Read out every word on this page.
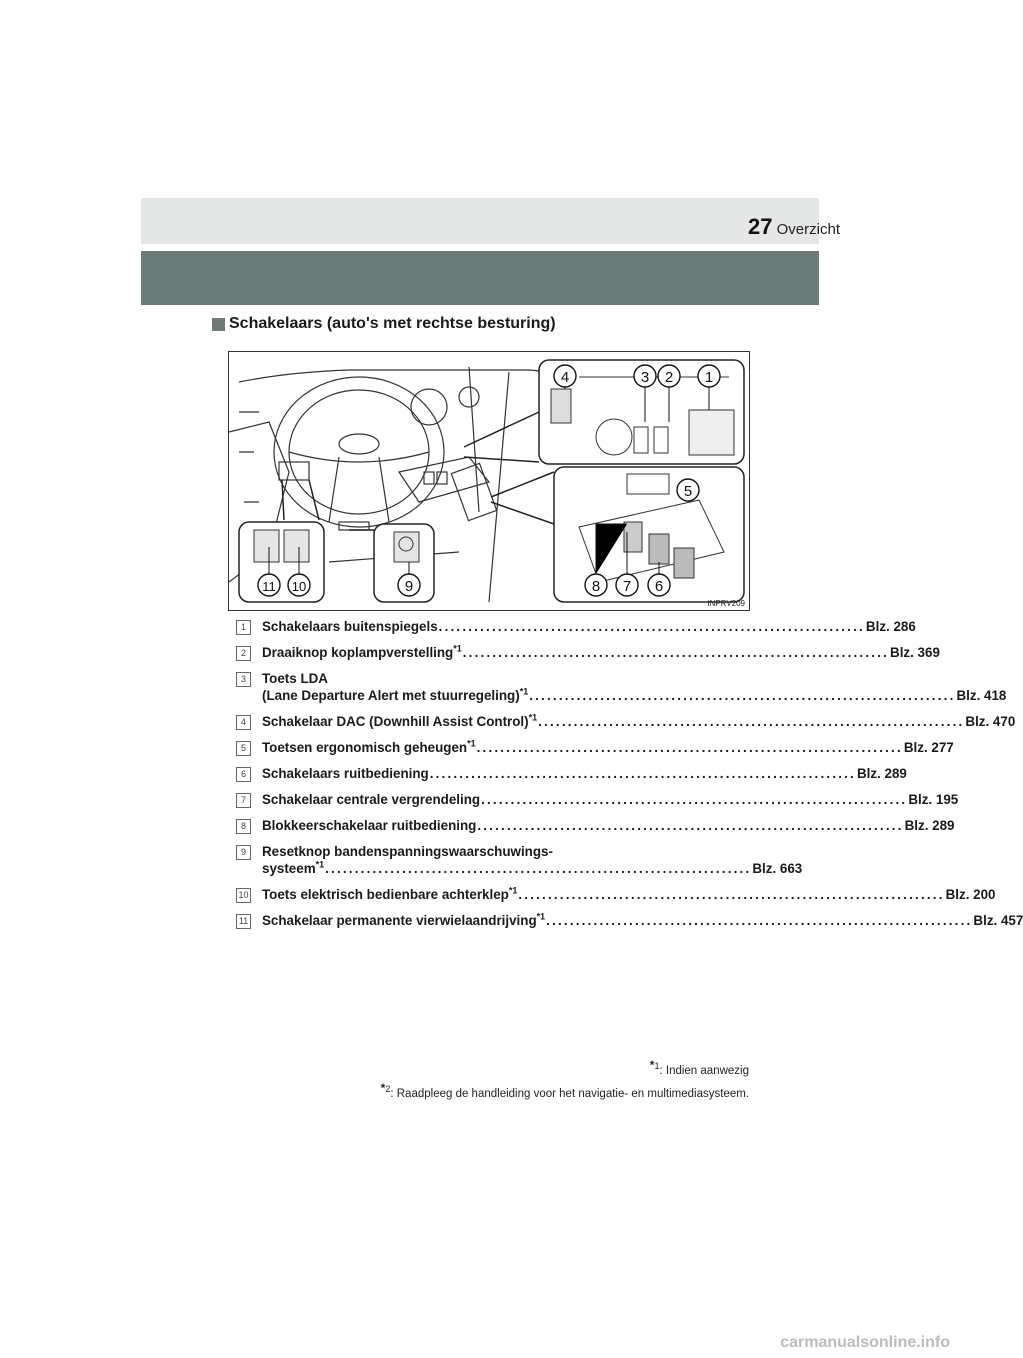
Overzicht
27
Schakelaars (auto's met rechtse besturing)
4	3 2 1
5
8 7 6
9
11 10
INPRV209
1	Schakelaars buitenspiegels ........................................................................ Blz. 286
2	Draaiknop koplampverstelling$^{*1}$ ........................................................................ Blz. 369
3	Toets LDA
(Lane Departure Alert met stuurregeling)$^{*1}$ ........................................................................ Blz. 418
4	Schakelaar DAC (Downhill Assist Control)$^{*1}$ ........................................................................ Blz. 470
5	Toetsen ergonomisch geheugen$^{*1}$ ........................................................................ Blz. 277
6	Schakelaars ruitbediening ........................................................................ Blz. 289
7	Schakelaar centrale vergrendeling ........................................................................ Blz. 195
8	Blokkeerschakelaar ruitbediening ........................................................................ Blz. 289
9	Resetknop bandenspanningswaarschuwings-
systeem$^{*1}$ ........................................................................ Blz. 663
10 Toets elektrisch bedienbare achterklep$^{*1}$ ........................................................................ Blz. 200
11 Schakelaar permanente vierwielaandrijving$^{*1}$ ........................................................................ Blz. 457
$^{*1}$: Indien aanwezig
$^{*2}$: Raadpleeg de handleiding voor het navigatie- en multimediasysteem.
carmanualsonline.info
